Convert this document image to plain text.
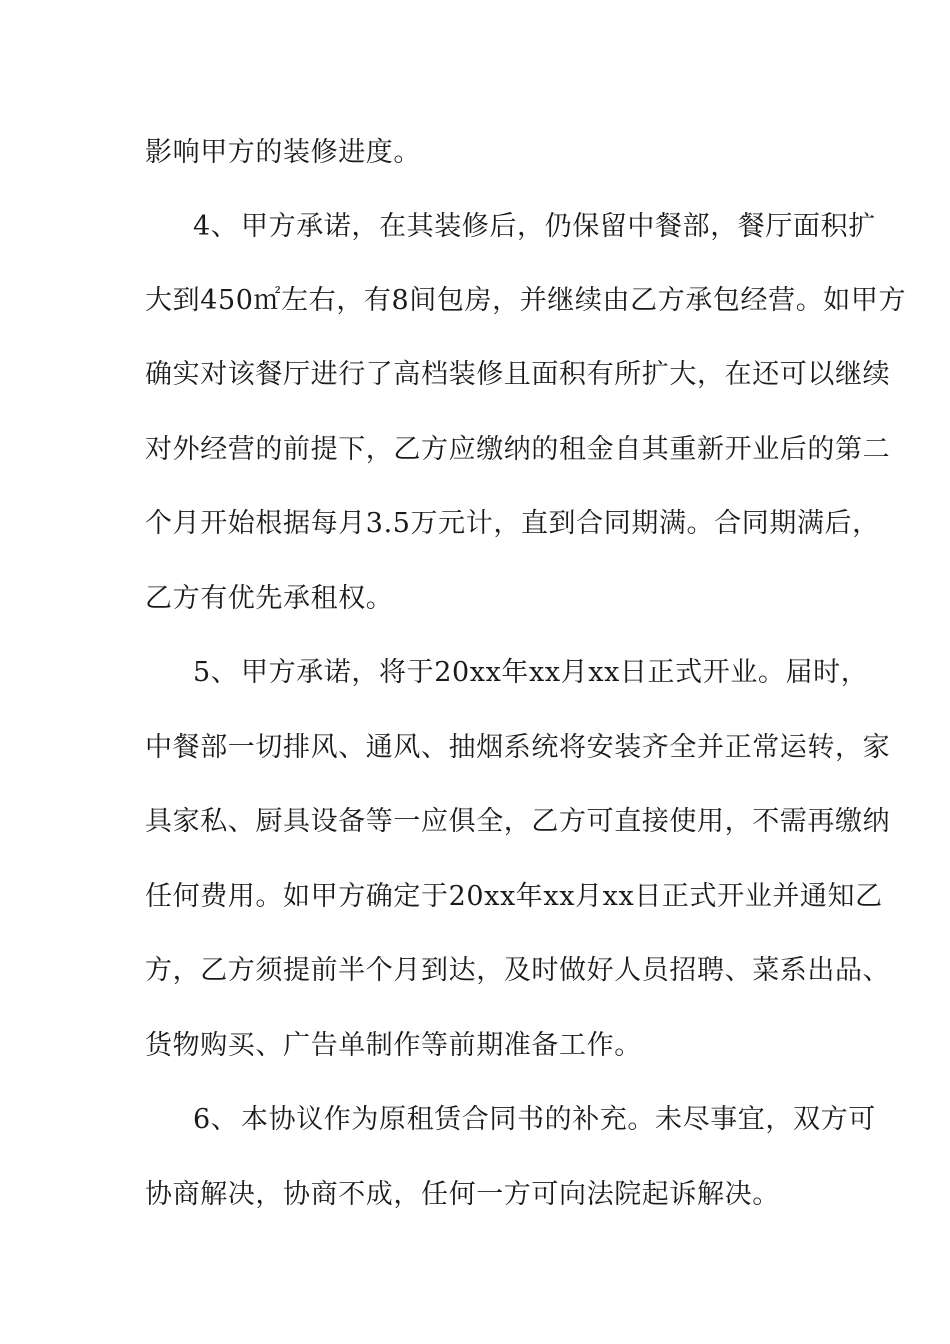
影响甲方的装修进度。
4、甲方承诺，在其装修后，仍保留中餐部，餐厅面积扩
大到450㎡左右，有8间包房，并继续由乙方承包经营。如甲方
确实对该餐厅进行了高档装修且面积有所扩大，在还可以继续
对外经营的前提下，乙方应缴纳的租金自其重新开业后的第二
个月开始根据每月3.5万元计，直到合同期满。合同期满后，
乙方有优先承租权。
5、甲方承诺，将于20xx年xx月xx日正式开业。届时，
中餐部一切排风、通风、抽烟系统将安装齐全并正常运转，家
具家私、厨具设备等一应俱全，乙方可直接使用，不需再缴纳
任何费用。如甲方确定于20xx年xx月xx日正式开业并通知乙
方，乙方须提前半个月到达，及时做好人员招聘、菜系出品、
货物购买、广告单制作等前期准备工作。
6、本协议作为原租赁合同书的补充。未尽事宜，双方可
协商解决，协商不成，任何一方可向法院起诉解决。
